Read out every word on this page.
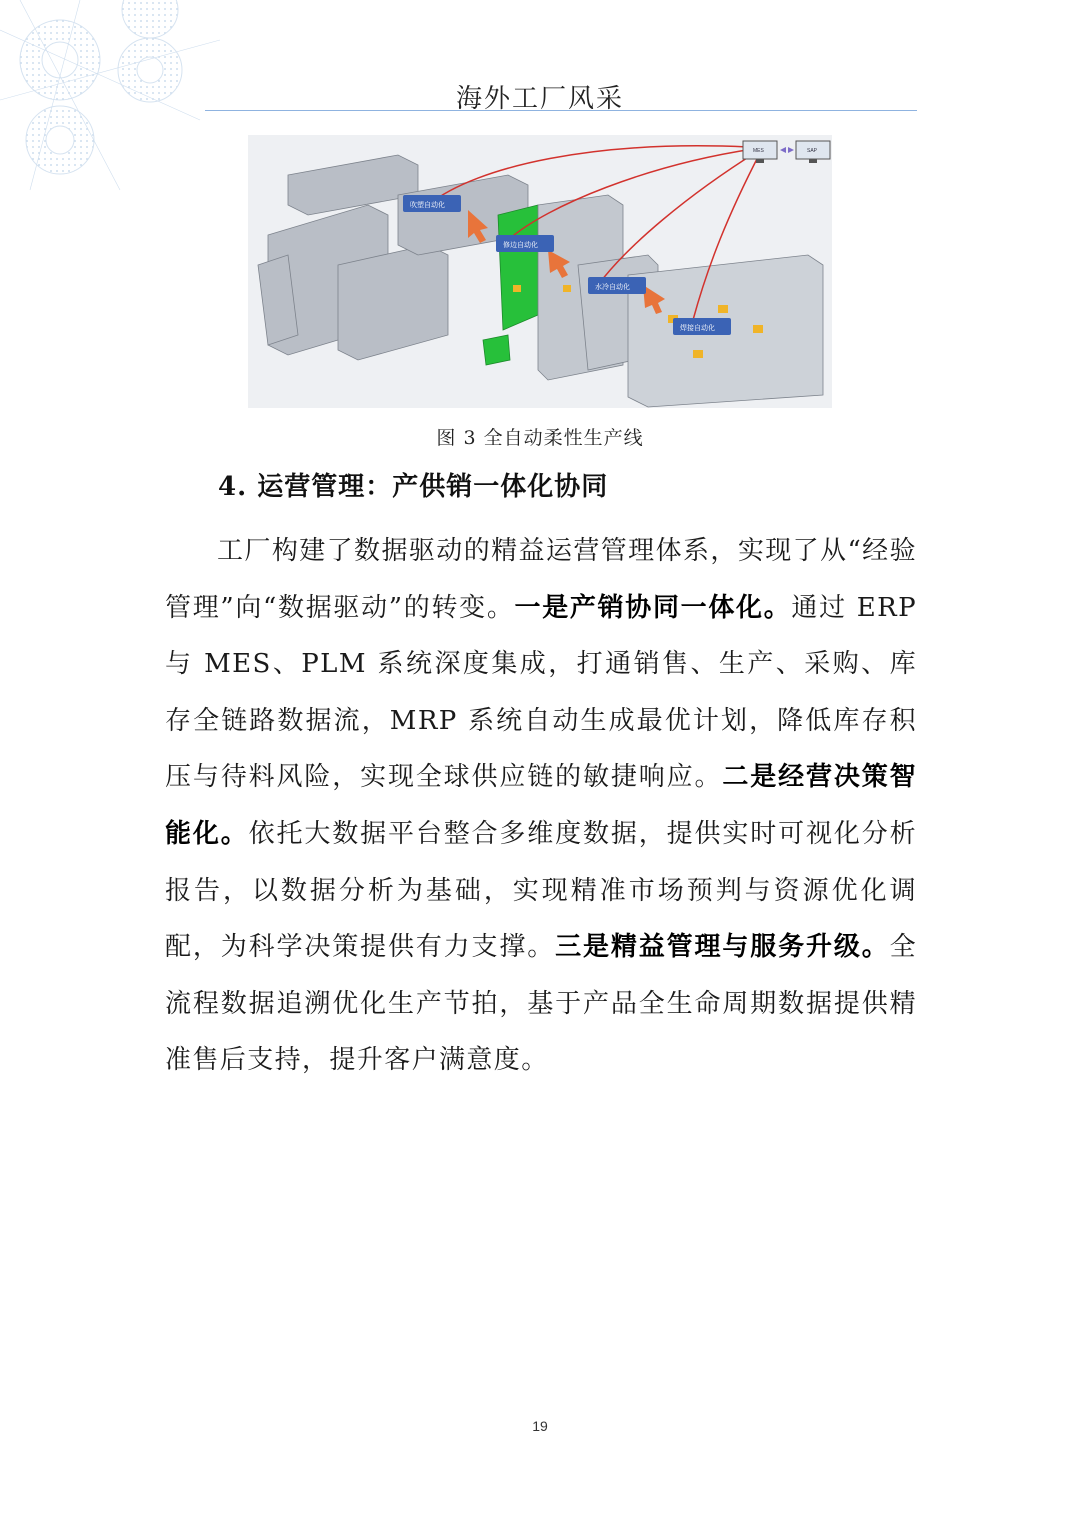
海外工厂风采
吹塑自动化
修边自动化
水冷自动化
焊接自动化
MES	SAP
图 3 全自动柔性生产线
4. 运营管理：产供销一体化协同

工厂构建了数据驱动的精益运营管理体系，实现了从“经验管理”向“数据驱动”的转变。一是产销协同一体化。通过 ERP 与 MES、PLM 系统深度集成，打通销售、生产、采购、库存全链路数据流，MRP 系统自动生成最优计划，降低库存积压与待料风险，实现全球供应链的敏捷响应。二是经营决策智能化。依托大数据平台整合多维度数据，提供实时可视化分析报告，以数据分析为基础，实现精准市场预判与资源优化调配，为科学决策提供有力支撑。三是精益管理与服务升级。全流程数据追溯优化生产节拍，基于产品全生命周期数据提供精准售后支持，提升客户满意度。

19
